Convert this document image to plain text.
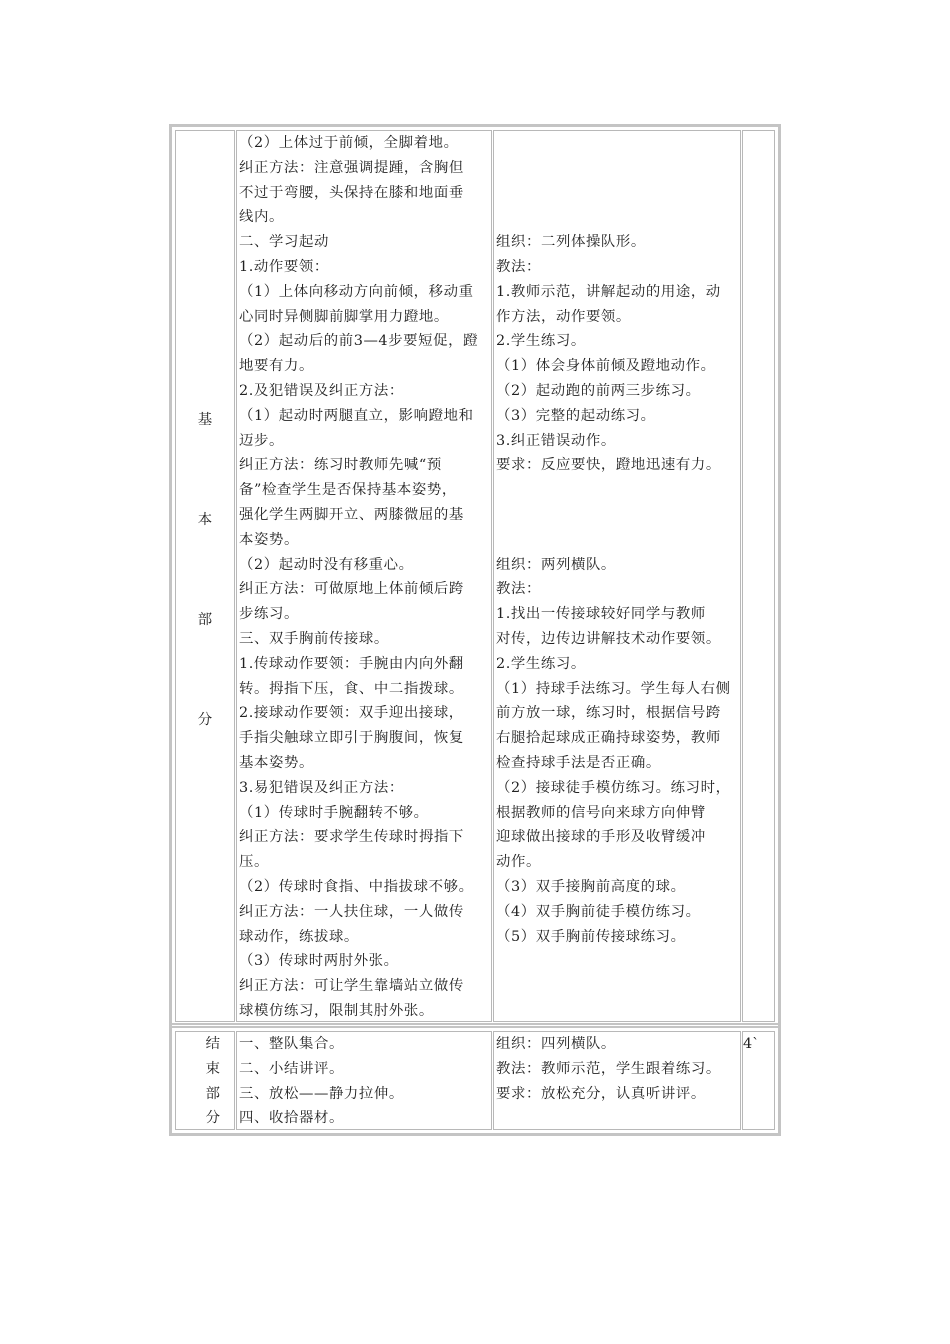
基
本
部
分
（2）上体过于前倾，全脚着地。
纠正方法：注意强调提踵，含胸但
不过于弯腰，头保持在膝和地面垂
线内。
二、学习起动
1.动作要领：
（1）上体向移动方向前倾，移动重
心同时异侧脚前脚掌用力蹬地。
（2）起动后的前3—4步要短促，蹬
地要有力。
2.及犯错误及纠正方法：
（1）起动时两腿直立，影响蹬地和
迈步。
纠正方法：练习时教师先喊“预
备”检查学生是否保持基本姿势，
强化学生两脚开立、两膝微屈的基
本姿势。
（2）起动时没有移重心。
纠正方法：可做原地上体前倾后跨
步练习。
三、双手胸前传接球。
1.传球动作要领：手腕由内向外翻
转。拇指下压，食、中二指拨球。
2.接球动作要领：双手迎出接球，
手指尖触球立即引于胸腹间，恢复
基本姿势。
3.易犯错误及纠正方法：
（1）传球时手腕翻转不够。
纠正方法：要求学生传球时拇指下
压。
（2）传球时食指、中指拔球不够。
纠正方法：一人扶住球，一人做传
球动作，练拔球。
（3）传球时两肘外张。
纠正方法：可让学生靠墙站立做传
球模仿练习，限制其肘外张。

组织：二列体操队形。
教法：
1.教师示范，讲解起动的用途，动
作方法，动作要领。
2.学生练习。
（1）体会身体前倾及蹬地动作。
（2）起动跑的前两三步练习。
（3）完整的起动练习。
3.纠正错误动作。
要求：反应要快，蹬地迅速有力。

组织：两列横队。
教法：
1.找出一传接球较好同学与教师
对传，边传边讲解技术动作要领。
2.学生练习。
（1）持球手法练习。学生每人右侧
前方放一球，练习时，根据信号跨
右腿拾起球成正确持球姿势，教师
检查持球手法是否正确。
（2）接球徒手模仿练习。练习时，
根据教师的信号向来球方向伸臂
迎球做出接球的手形及收臂缓冲
动作。
（3）双手接胸前高度的球。
（4）双手胸前徒手模仿练习。
（5）双手胸前传接球练习。
结
束
部
分
一、整队集合。
二、小结讲评。
三、放松——静力拉伸。
四、收拾器材。
组织：四列横队。
教法：教师示范，学生跟着练习。
要求：放松充分，认真听讲评。
4`
